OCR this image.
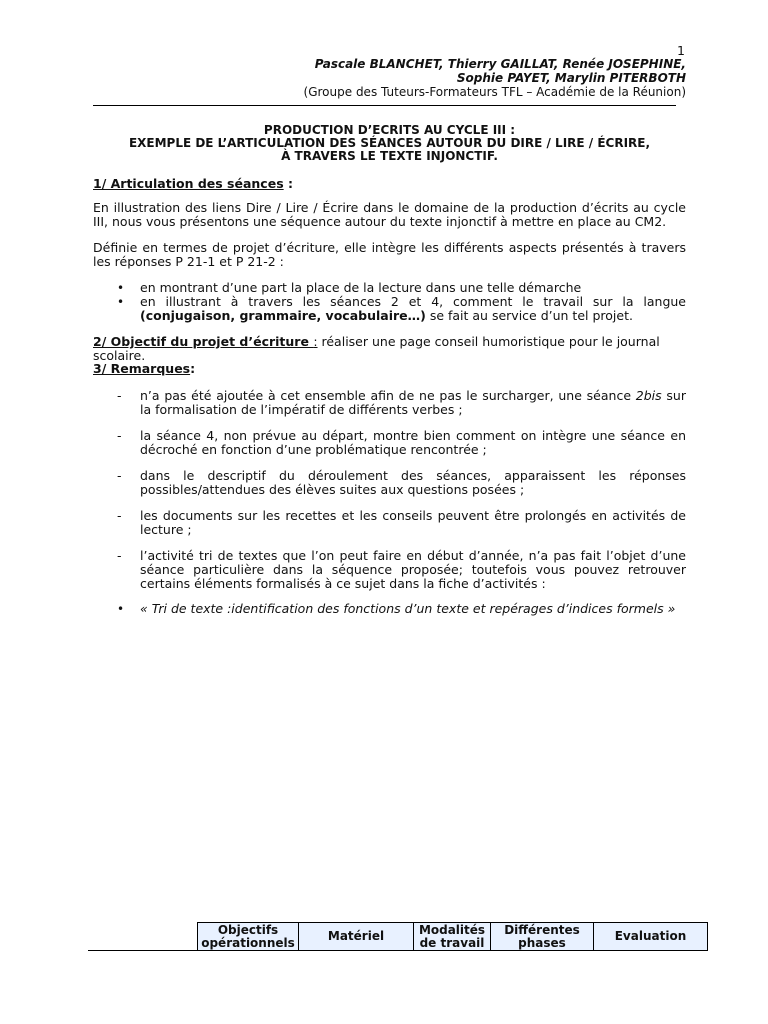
1
Pascale BLANCHET, Thierry GAILLAT, Renée JOSEPHINE,
Sophie PAYET, Marylin PITERBOTH
(Groupe des Tuteurs-Formateurs TFL – Académie de la Réunion)
PRODUCTION D’ECRITS AU CYCLE III :
EXEMPLE DE L’ARTICULATION DES SÉANCES AUTOUR DU DIRE / LIRE / ÉCRIRE,
À TRAVERS LE TEXTE INJONCTIF.
1/ Articulation des séances :

En illustration des liens Dire / Lire / Écrire dans le domaine de la production d’écrits au cycle III, nous vous présentons une séquence autour du texte injonctif à mettre en place au CM2.

Définie en termes de projet d’écriture, elle intègre les différents aspects présentés à travers les réponses P 21-1 et P 21-2 :

• en montrant d’une part la place de la lecture dans une telle démarche
• en illustrant à travers les séances 2 et 4, comment le travail sur la langue (conjugaison, grammaire, vocabulaire…) se fait au service d’un tel projet.
2/ Objectif du projet d’écriture : réaliser une page conseil humoristique pour le journal scolaire.
3/ Remarques:
- n’a pas été ajoutée à cet ensemble afin de ne pas le surcharger, une séance 2bis sur la formalisation de l’impératif de différents verbes ;

- la séance 4, non prévue au départ, montre bien comment on intègre une séance en décroché en fonction d’une problématique rencontrée ;

- dans le descriptif du déroulement des séances, apparaissent les réponses possibles/attendues des élèves suites aux questions posées ;

- les documents sur les recettes et les conseils peuvent être prolongés en activités de lecture ;

- l’activité tri de textes que l’on peut faire en début d’année, n’a pas fait l’objet d’une séance particulière dans la séquence proposée; toutefois vous pouvez retrouver certains éléments formalisés à ce sujet dans la fiche d’activités :

• « Tri de texte :identification des fonctions d’un texte et repérages d’indices formels »
Objectifs opérationnels	Matériel	Modalités de travail	Différentes phases	Evaluation
